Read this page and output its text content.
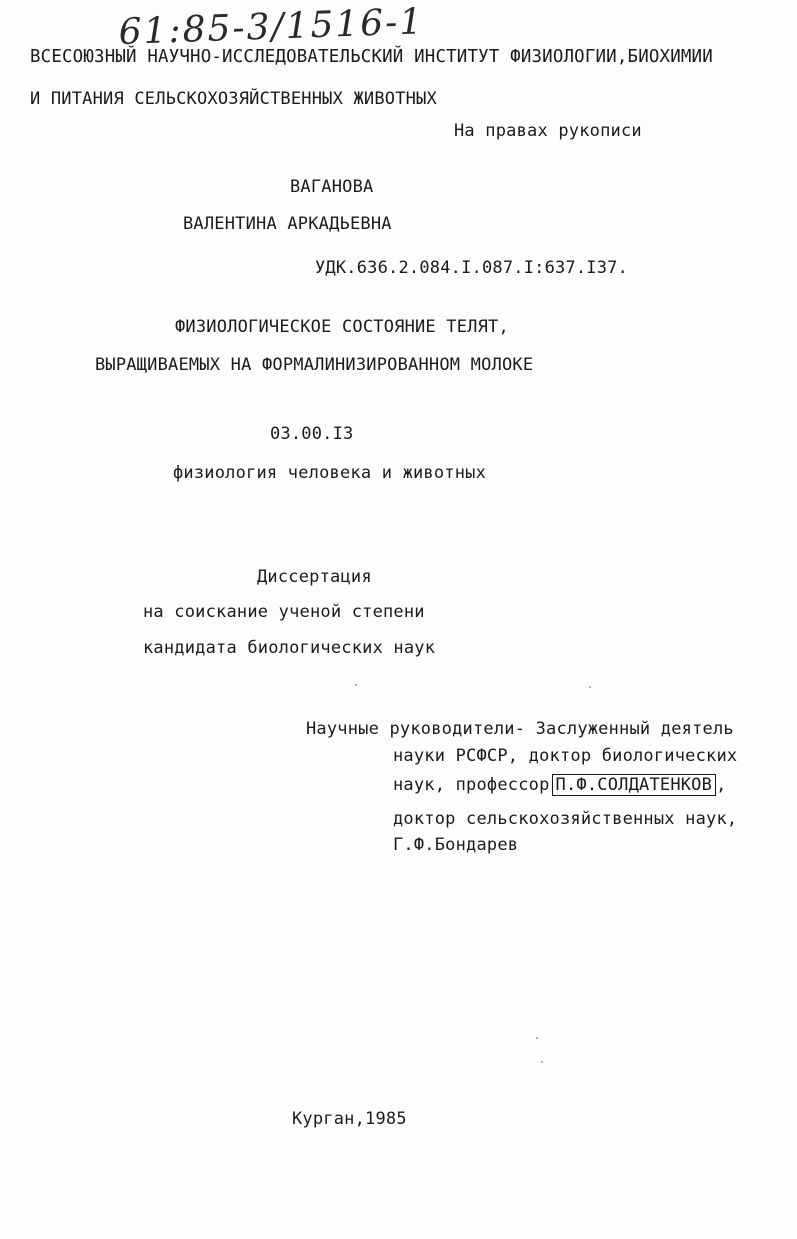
61:85-3/1516-1
ВСЕСОЮЗНЫЙ НАУЧНО-ИССЛЕДОВАТЕЛЬСКИЙ ИНСТИТУТ ФИЗИОЛОГИИ,БИОХИМИИ
И ПИТАНИЯ СЕЛЬСКОХОЗЯЙСТВЕННЫХ ЖИВОТНЫХ
На правах рукописи
ВАГАНОВА
ВАЛЕНТИНА АРКАДЬЕВНА
УДК.636.2.084.I.087.I:637.I37.
ФИЗИОЛОГИЧЕСКОЕ СОСТОЯНИЕ ТЕЛЯТ,
ВЫРАЩИВАЕМЫХ НА ФОРМАЛИНИЗИРОВАННОМ МОЛОКЕ
03.00.I3
физиология человека и животных
Диссертация
на соискание ученой степени
кандидата биологических наук
Научные руководители- Заслуженный деятель
науки РСФСР, доктор биологических
наук, профессор П.Ф.СОЛДАТЕНКОВ ,
доктор сельскохозяйственных наук,
Г.Ф.Бондарев
Курган,1985
